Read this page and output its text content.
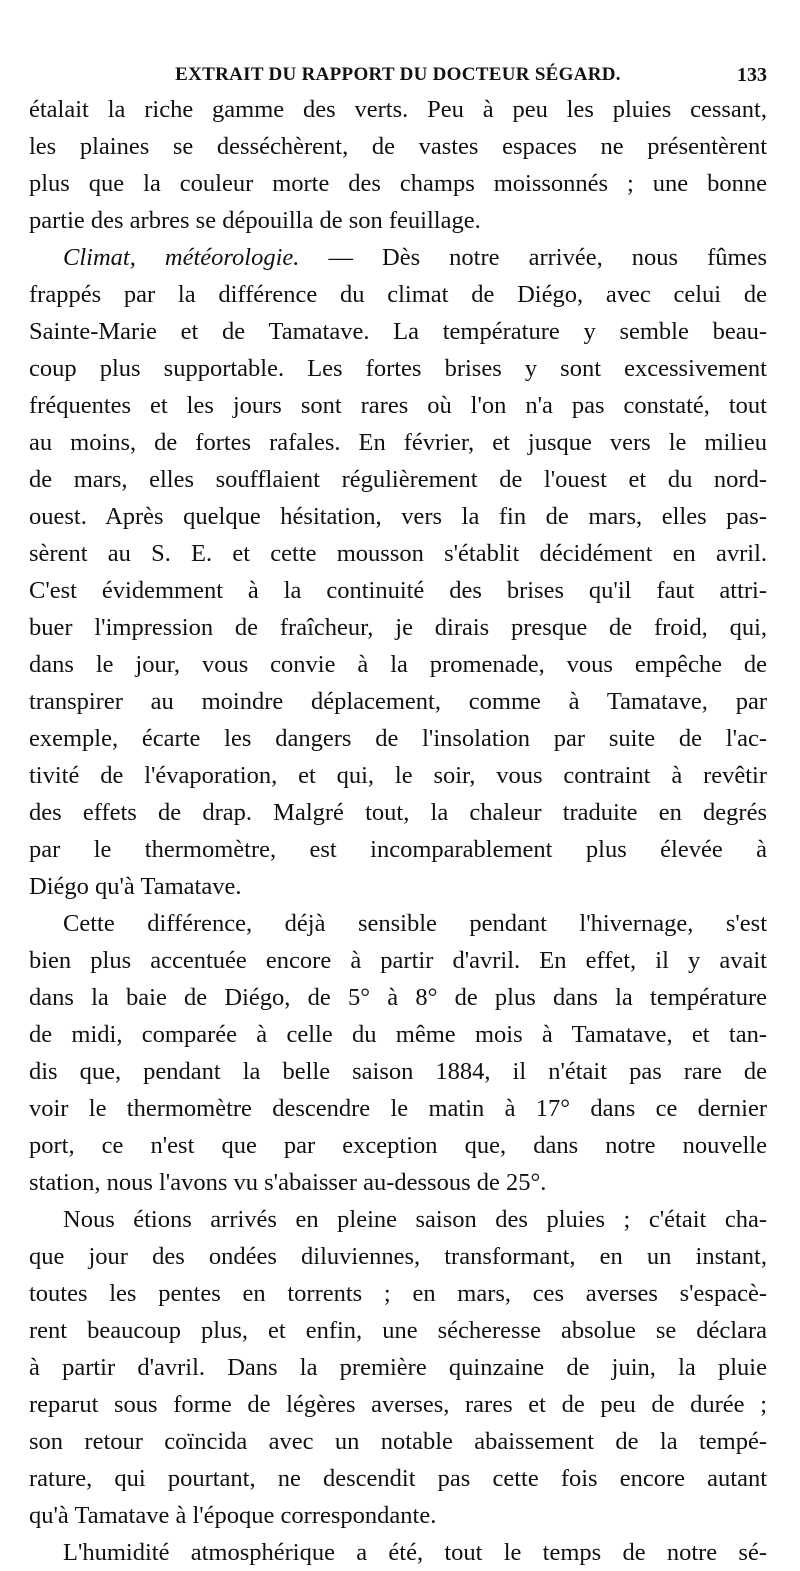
EXTRAIT DU RAPPORT DU DOCTEUR SÉGARD.	133
étalait la riche gamme des verts. Peu à peu les pluies cessant,
les plaines se desséchèrent, de vastes espaces ne présentèrent
plus que la couleur morte des champs moissonnés ; une bonne
partie des arbres se dépouilla de son feuillage.
Climat, météorologie. — Dès notre arrivée, nous fûmes
frappés par la différence du climat de Diégo, avec celui de
Sainte-Marie et de Tamatave. La température y semble beau-
coup plus supportable. Les fortes brises y sont excessivement
fréquentes et les jours sont rares où l'on n'a pas constaté, tout
au moins, de fortes rafales. En février, et jusque vers le milieu
de mars, elles soufflaient régulièrement de l'ouest et du nord-
ouest. Après quelque hésitation, vers la fin de mars, elles pas-
sèrent au S. E. et cette mousson s'établit décidément en avril.
C'est évidemment à la continuité des brises qu'il faut attri-
buer l'impression de fraîcheur, je dirais presque de froid, qui,
dans le jour, vous convie à la promenade, vous empêche de
transpirer au moindre déplacement, comme à Tamatave, par
exemple, écarte les dangers de l'insolation par suite de l'ac-
tivité de l'évaporation, et qui, le soir, vous contraint à revêtir
des effets de drap. Malgré tout, la chaleur traduite en degrés
par le thermomètre, est incomparablement plus élevée à
Diégo qu'à Tamatave.
Cette différence, déjà sensible pendant l'hivernage, s'est
bien plus accentuée encore à partir d'avril. En effet, il y avait
dans la baie de Diégo, de 5° à 8° de plus dans la température
de midi, comparée à celle du même mois à Tamatave, et tan-
dis que, pendant la belle saison 1884, il n'était pas rare de
voir le thermomètre descendre le matin à 17° dans ce dernier
port, ce n'est que par exception que, dans notre nouvelle
station, nous l'avons vu s'abaisser au-dessous de 25°.
Nous étions arrivés en pleine saison des pluies ; c'était cha-
que jour des ondées diluviennes, transformant, en un instant,
toutes les pentes en torrents ; en mars, ces averses s'espacè-
rent beaucoup plus, et enfin, une sécheresse absolue se déclara
à partir d'avril. Dans la première quinzaine de juin, la pluie
reparut sous forme de légères averses, rares et de peu de durée ;
son retour coïncida avec un notable abaissement de la tempé-
rature, qui pourtant, ne descendit pas cette fois encore autant
qu'à Tamatave à l'époque correspondante.
L'humidité atmosphérique a été, tout le temps de notre sé-
